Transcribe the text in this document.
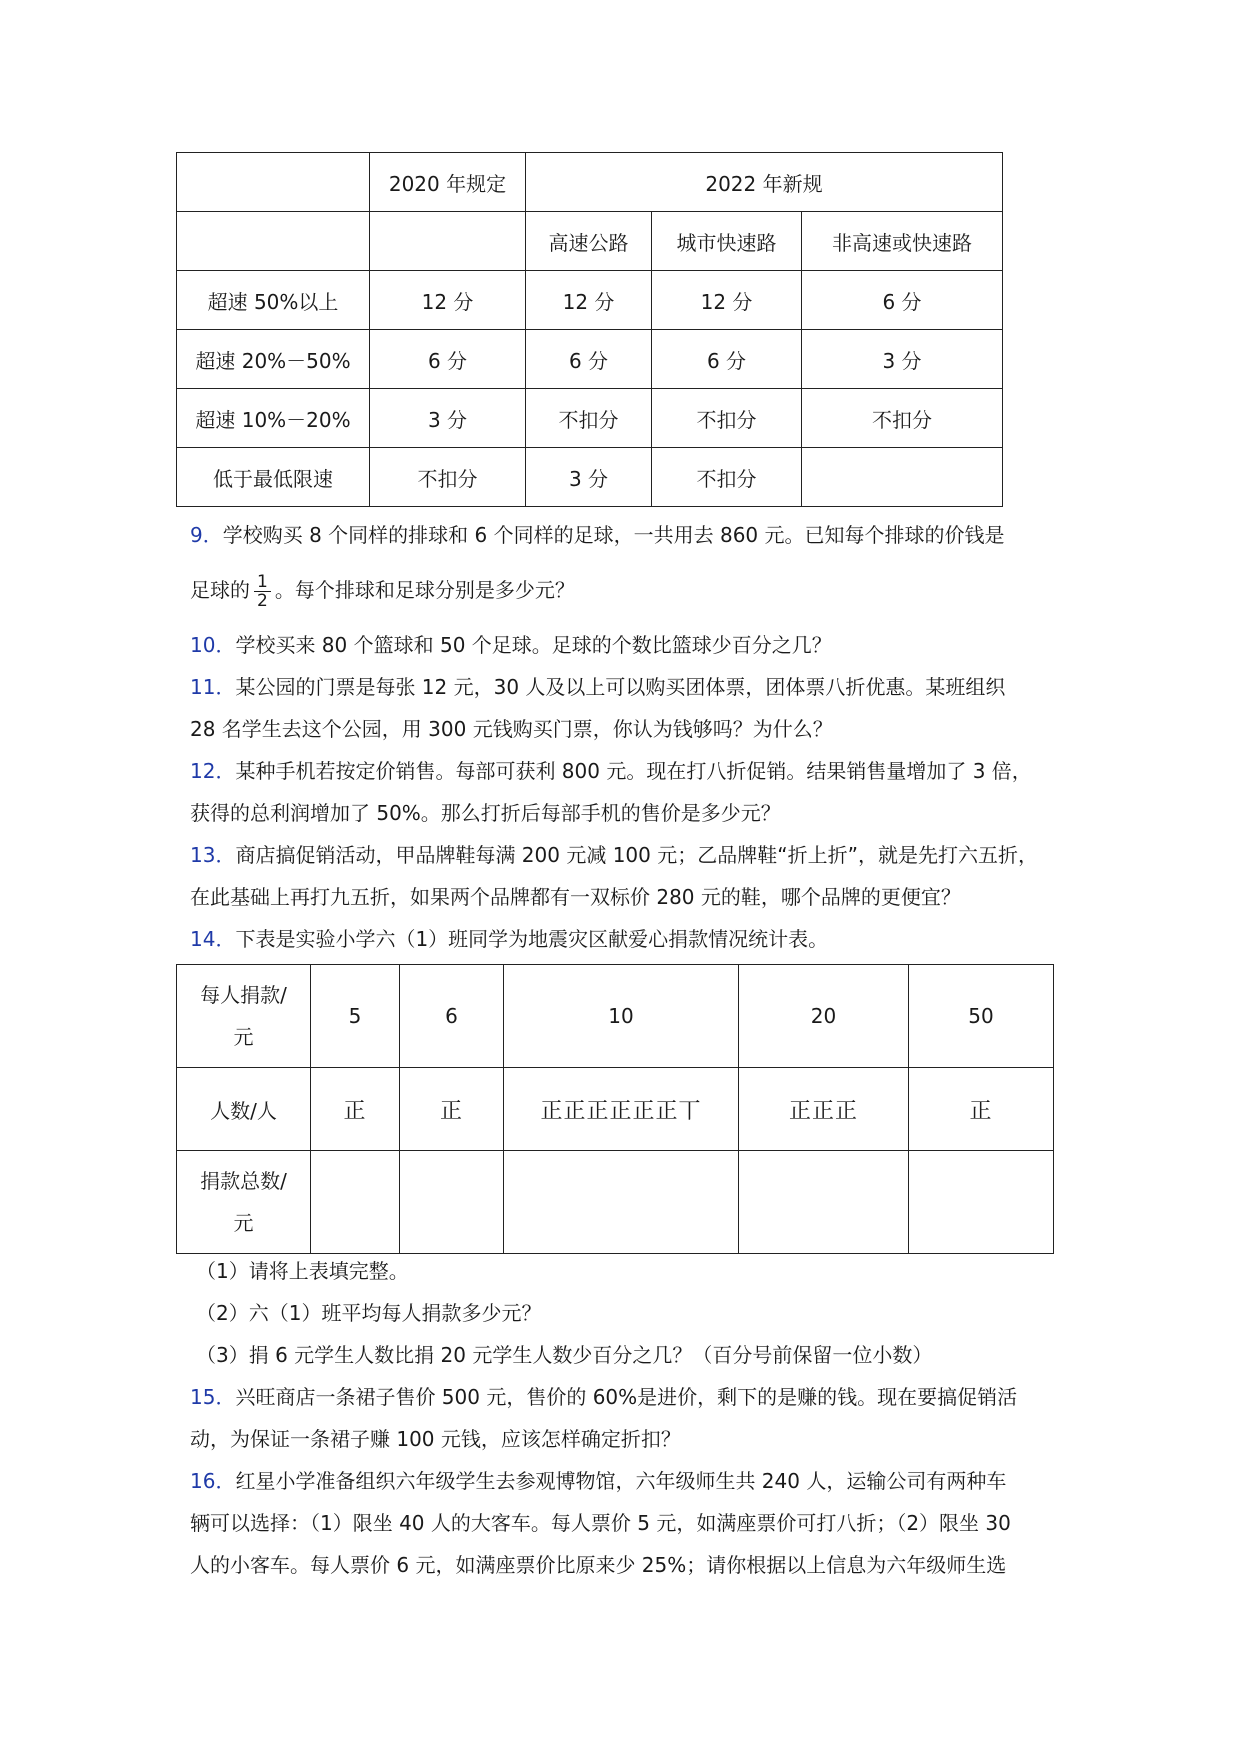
	2020 年规定	2022 年新规		
		高速公路	城市快速路	非高速或快速路
超速 50%以上	12 分	12 分	12 分	6 分
超速 20%－50%	6 分	6 分	6 分	3 分
超速 10%－20%	3 分	不扣分	不扣分	不扣分
低于最低限速	不扣分	3 分	不扣分	
9．学校购买 8 个同样的排球和 6 个同样的足球，一共用去 860 元。已知每个排球的价钱是
足球的 $\frac{1}{2}$ 。每个排球和足球分别是多少元？
10．学校买来 80 个篮球和 50 个足球。足球的个数比篮球少百分之几？
11．某公园的门票是每张 12 元，30 人及以上可以购买团体票，团体票八折优惠。某班组织
28 名学生去这个公园，用 300 元钱购买门票，你认为钱够吗？为什么？
12．某种手机若按定价销售。每部可获利 800 元。现在打八折促销。结果销售量增加了 3 倍，
获得的总利润增加了 50%。那么打折后每部手机的售价是多少元？
13．商店搞促销活动，甲品牌鞋每满 200 元减 100 元；乙品牌鞋“折上折”，就是先打六五折，
在此基础上再打九五折，如果两个品牌都有一双标价 280 元的鞋，哪个品牌的更便宜？
14．下表是实验小学六（1）班同学为地震灾区献爱心捐款情况统计表。
每人捐款/
元	5	6	10	20	50
人数/人	正	正	正正正正正正丅	正正正	正
捐款总数/
元					
（1）请将上表填完整。
（2）六（1）班平均每人捐款多少元？
（3）捐 6 元学生人数比捐 20 元学生人数少百分之几？（百分号前保留一位小数）
15．兴旺商店一条裙子售价 500 元，售价的 60%是进价，剩下的是赚的钱。现在要搞促销活
动，为保证一条裙子赚 100 元钱，应该怎样确定折扣？
16．红星小学准备组织六年级学生去参观博物馆，六年级师生共 240 人，运输公司有两种车
辆可以选择：（1）限坐 40 人的大客车。每人票价 5 元，如满座票价可打八折；（2）限坐 30
人的小客车。每人票价 6 元，如满座票价比原来少 25%；请你根据以上信息为六年级师生选
